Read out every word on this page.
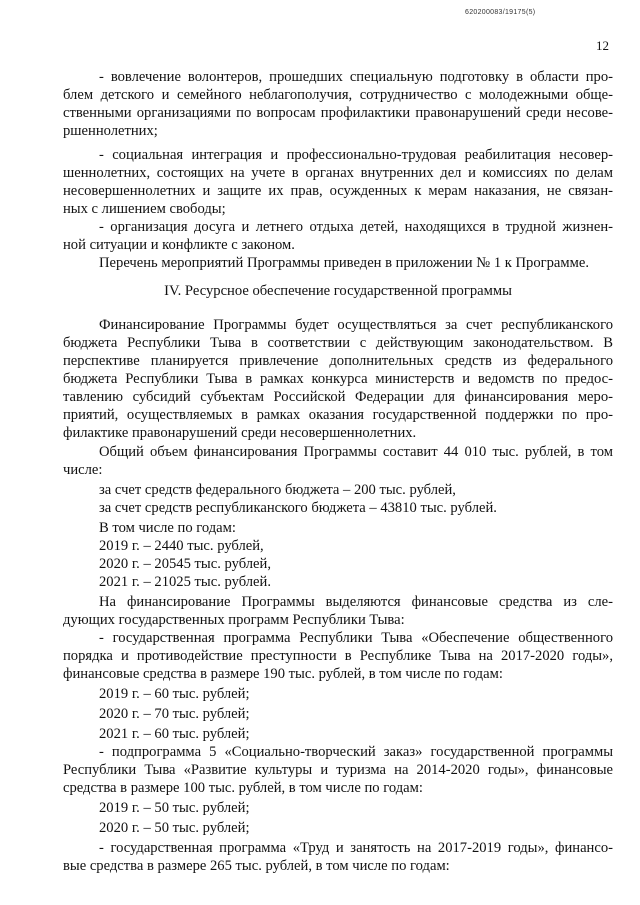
620200083/19175(5)
12
- вовлечение волонтеров, прошедших специальную подготовку в области про-
блем детского и семейного неблагополучия, сотрудничество с молодежными обще-
ственными организациями по вопросам профилактики правонарушений среди несове-
ршеннолетних;
- социальная интеграция и профессионально-трудовая реабилитация несовер-
шеннолетних, состоящих на учете в органах внутренних дел и комиссиях по делам
несовершеннолетних и защите их прав, осужденных к мерам наказания, не связан-
ных с лишением свободы;
- организация досуга и летнего отдыха детей, находящихся в трудной жизнен-
ной ситуации и конфликте с законом.
Перечень мероприятий Программы приведен в приложении № 1 к Программе.
IV. Ресурсное обеспечение государственной программы
Финансирование Программы будет осуществляться за счет республиканского
бюджета Республики Тыва в соответствии с действующим законодательством. В
перспективе планируется привлечение дополнительных средств из федерального
бюджета Республики Тыва в рамках конкурса министерств и ведомств по предос-
тавлению субсидий субъектам Российской Федерации для финансирования меро-
приятий, осуществляемых в рамках оказания государственной поддержки по про-
филактике правонарушений среди несовершеннолетних.
Общий объем финансирования Программы составит 44 010 тыс. рублей, в том
числе:
за счет средств федерального бюджета – 200 тыс. рублей,
за счет средств республиканского бюджета – 43810 тыс. рублей.
В том числе по годам:
2019 г. – 2440 тыс. рублей,
2020 г. – 20545 тыс. рублей,
2021 г. – 21025 тыс. рублей.
На финансирование Программы выделяются финансовые средства из сле-
дующих государственных программ Республики Тыва:
- государственная программа Республики Тыва «Обеспечение общественного
порядка и противодействие преступности в Республике Тыва на 2017-2020 годы»,
финансовые средства в размере 190 тыс. рублей, в том числе по годам:
2019 г. – 60 тыс. рублей;
2020 г. – 70 тыс. рублей;
2021 г. – 60 тыс. рублей;
- подпрограмма 5 «Социально-творческий заказ» государственной программы
Республики Тыва «Развитие культуры и туризма на 2014-2020 годы», финансовые
средства в размере 100 тыс. рублей, в том числе по годам:
2019 г. – 50 тыс. рублей;
2020 г. – 50 тыс. рублей;
- государственная программа «Труд и занятость на 2017-2019 годы», финансо-
вые средства в размере 265 тыс. рублей, в том числе по годам:
